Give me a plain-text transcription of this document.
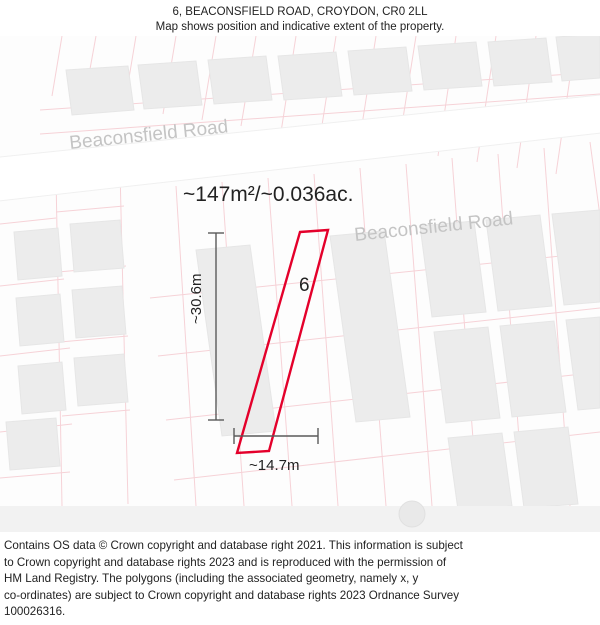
6, BEACONSFIELD ROAD, CROYDON, CR0 2LL
Map shows position and indicative extent of the property.
Beaconsfield Road
Beaconsfield Road
~147m²/~0.036ac.
6
~30.6m
~14.7m
Contains OS data © Crown copyright and database right 2021. This information is subject
to Crown copyright and database rights 2023 and is reproduced with the permission of
HM Land Registry. The polygons (including the associated geometry, namely x, y
co-ordinates) are subject to Crown copyright and database rights 2023 Ordnance Survey
100026316.
